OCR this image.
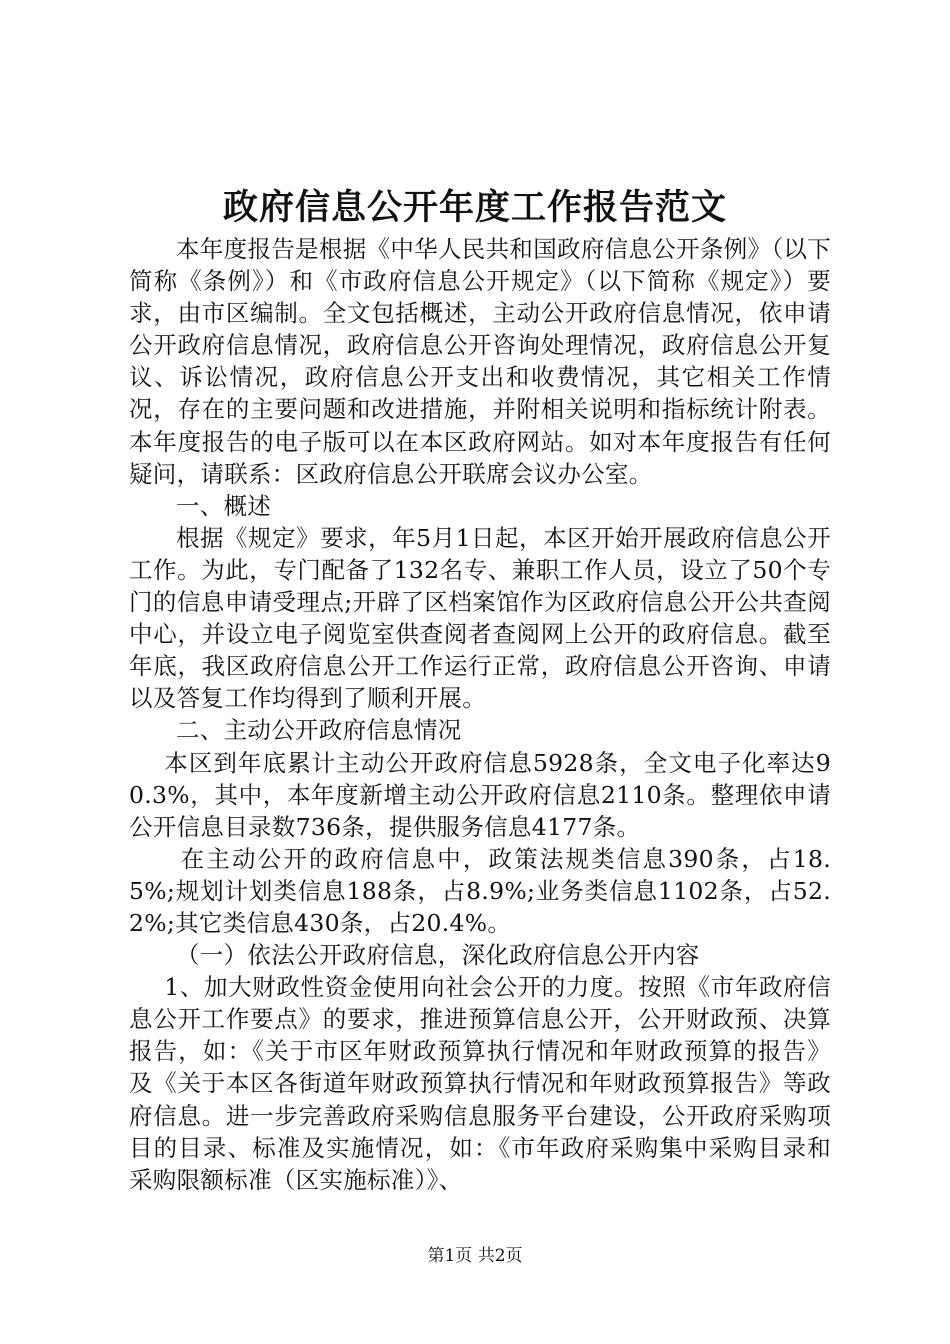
政府信息公开年度工作报告范文

本年度报告是根据《中华人民共和国政府信息公开条例》（以下简称《条例》）和《市政府信息公开规定》（以下简称《规定》）要求，由市区编制。全文包括概述，主动公开政府信息情况，依申请公开政府信息情况，政府信息公开咨询处理情况，政府信息公开复议、诉讼情况，政府信息公开支出和收费情况，其它相关工作情况，存在的主要问题和改进措施，并附相关说明和指标统计附表。本年度报告的电子版可以在本区政府网站。如对本年度报告有任何疑问，请联系：区政府信息公开联席会议办公室。

一、概述

根据《规定》要求，年5月1日起，本区开始开展政府信息公开工作。为此，专门配备了132名专、兼职工作人员，设立了50个专门的信息申请受理点;开辟了区档案馆作为区政府信息公开公共查阅中心，并设立电子阅览室供查阅者查阅网上公开的政府信息。截至年底，我区政府信息公开工作运行正常，政府信息公开咨询、申请以及答复工作均得到了顺利开展。

二、主动公开政府信息情况

本区到年底累计主动公开政府信息5928条，全文电子化率达90.3%，其中，本年度新增主动公开政府信息2110条。整理依申请公开信息目录数736条，提供服务信息4177条。

在主动公开的政府信息中，政策法规类信息390条，占18.5%;规划计划类信息188条，占8.9%;业务类信息1102条，占52.2%;其它类信息430条，占20.4%。

（一）依法公开政府信息，深化政府信息公开内容

1、加大财政性资金使用向社会公开的力度。按照《市年政府信息公开工作要点》的要求，推进预算信息公开，公开财政预、决算报告，如：《关于市区年财政预算执行情况和年财政预算的报告》及《关于本区各街道年财政预算执行情况和年财政预算报告》等政府信息。进一步完善政府采购信息服务平台建设，公开政府采购项目的目录、标准及实施情况，如：《市年政府采购集中采购目录和采购限额标准（区实施标准）》、

第1页 共2页
